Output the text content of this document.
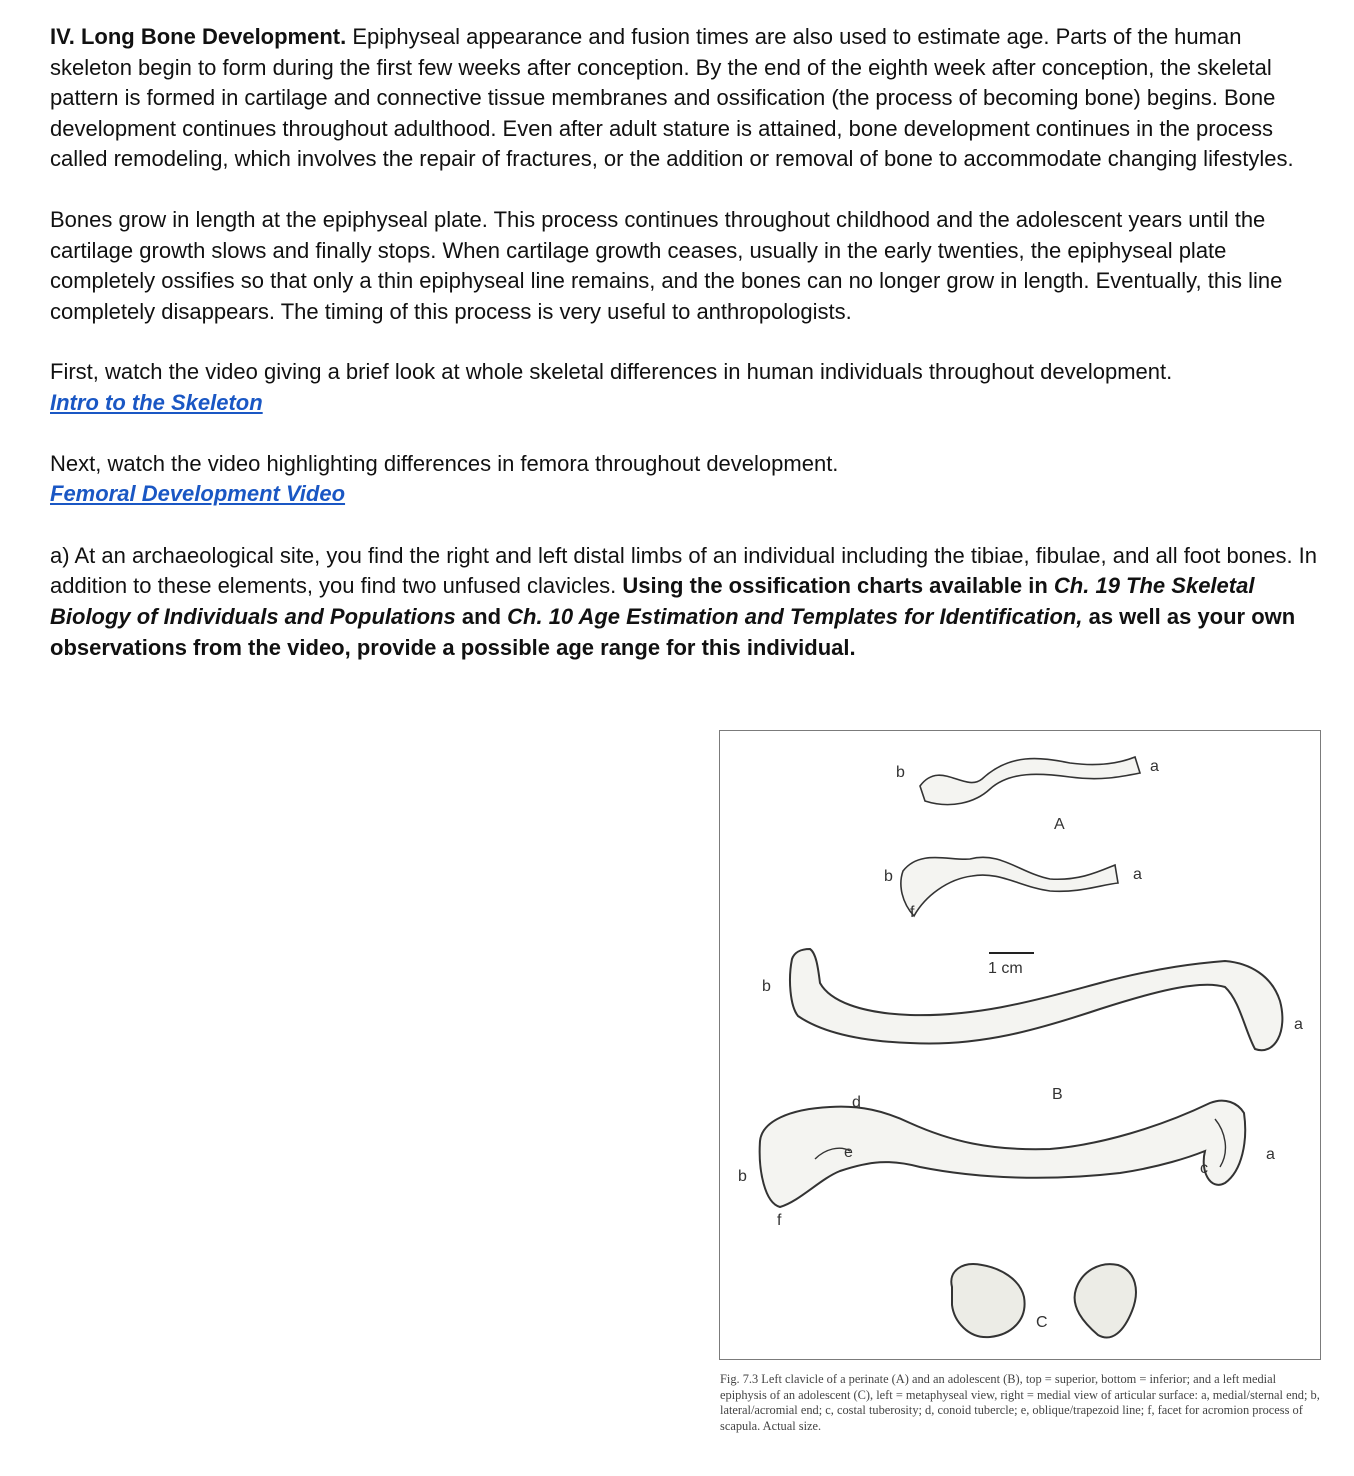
IV. Long Bone Development. Epiphyseal appearance and fusion times are also used to estimate age. Parts of the human skeleton begin to form during the first few weeks after conception. By the end of the eighth week after conception, the skeletal pattern is formed in cartilage and connective tissue membranes and ossification (the process of becoming bone) begins. Bone development continues throughout adulthood. Even after adult stature is attained, bone development continues in the process called remodeling, which involves the repair of fractures, or the addition or removal of bone to accommodate changing lifestyles.

Bones grow in length at the epiphyseal plate. This process continues throughout childhood and the adolescent years until the cartilage growth slows and finally stops. When cartilage growth ceases, usually in the early twenties, the epiphyseal plate completely ossifies so that only a thin epiphyseal line remains, and the bones can no longer grow in length. Eventually, this line completely disappears. The timing of this process is very useful to anthropologists.

First, watch the video giving a brief look at whole skeletal differences in human individuals throughout development.
Intro to the Skeleton

Next, watch the video highlighting differences in femora throughout development.
Femoral Development Video

a) At an archaeological site, you find the right and left distal limbs of an individual including the tibiae, fibulae, and all foot bones. In addition to these elements, you find two unfused clavicles. Using the ossification charts available in Ch. 19 The Skeletal Biology of Individuals and Populations and Ch. 10 Age Estimation and Templates for Identification, as well as your own observations from the video, provide a possible age range for this individual.

b	a
A
b	a
f
1 cm
b
a
B
d
e	a
c
b
f
C
Fig. 7.3 Left clavicle of a perinate (A) and an adolescent (B), top = superior, bottom = inferior; and a left medial epiphysis of an adolescent (C), left = metaphyseal view, right = medial view of articular surface: a, medial/sternal end; b, lateral/acromial end; c, costal tuberosity; d, conoid tubercle; e, oblique/trapezoid line; f, facet for acromion process of scapula. Actual size.
